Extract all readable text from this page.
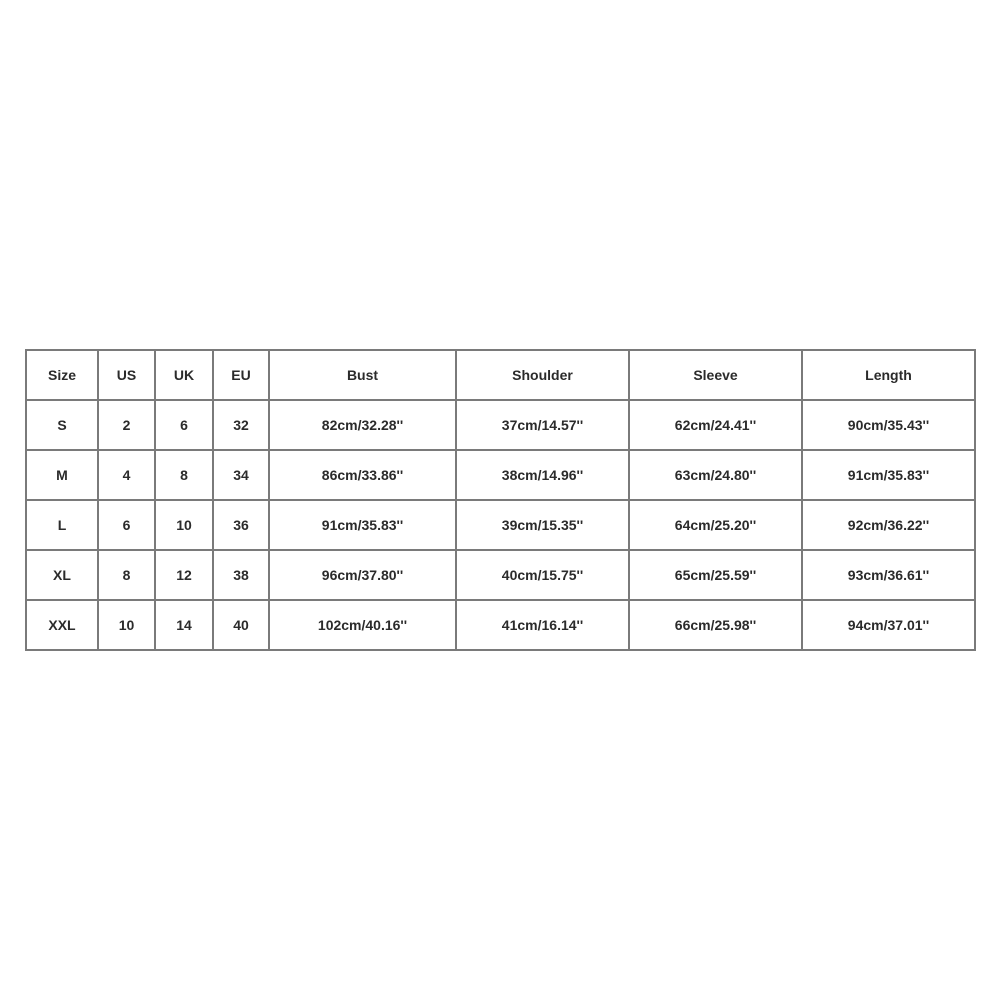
Size	US	UK	EU	Bust	Shoulder	Sleeve	Length
S	2	6	32	82cm/32.28''	37cm/14.57''	62cm/24.41''	90cm/35.43''
M	4	8	34	86cm/33.86''	38cm/14.96''	63cm/24.80''	91cm/35.83''
L	6	10	36	91cm/35.83''	39cm/15.35''	64cm/25.20''	92cm/36.22''
XL	8	12	38	96cm/37.80''	40cm/15.75''	65cm/25.59''	93cm/36.61''
XXL	10	14	40	102cm/40.16''	41cm/16.14''	66cm/25.98''	94cm/37.01''
